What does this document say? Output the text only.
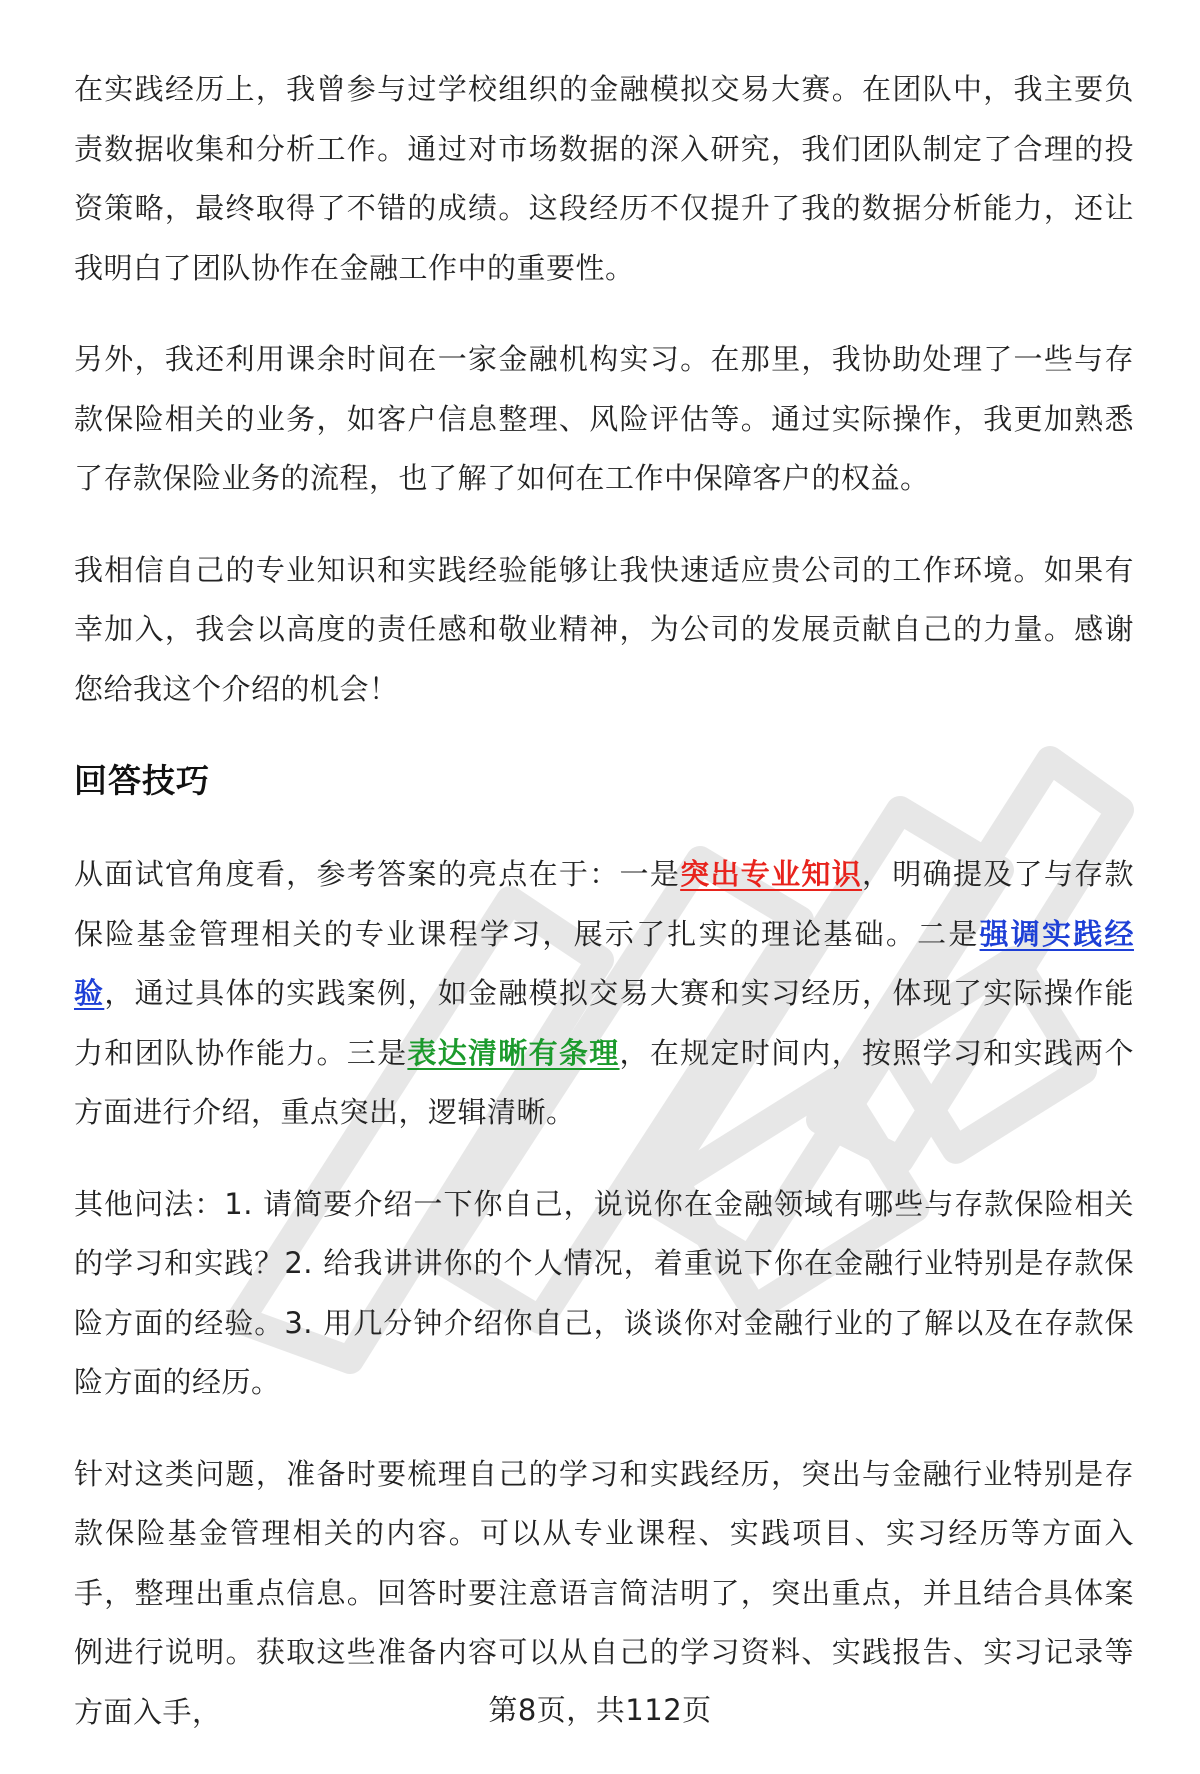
在实践经历上，我曾参与过学校组织的金融模拟交易大赛。在团队中，我主要负责数据收集和分析工作。通过对市场数据的深入研究，我们团队制定了合理的投资策略，最终取得了不错的成绩。这段经历不仅提升了我的数据分析能力，还让我明白了团队协作在金融工作中的重要性。

另外，我还利用课余时间在一家金融机构实习。在那里，我协助处理了一些与存款保险相关的业务，如客户信息整理、风险评估等。通过实际操作，我更加熟悉了存款保险业务的流程，也了解了如何在工作中保障客户的权益。

我相信自己的专业知识和实践经验能够让我快速适应贵公司的工作环境。如果有幸加入，我会以高度的责任感和敬业精神，为公司的发展贡献自己的力量。感谢您给我这个介绍的机会！

回答技巧

从面试官角度看，参考答案的亮点在于：一是突出专业知识，明确提及了与存款保险基金管理相关的专业课程学习，展示了扎实的理论基础。二是强调实践经验，通过具体的实践案例，如金融模拟交易大赛和实习经历，体现了实际操作能力和团队协作能力。三是表达清晰有条理，在规定时间内，按照学习和实践两个方面进行介绍，重点突出，逻辑清晰。

其他问法：1. 请简要介绍一下你自己，说说你在金融领域有哪些与存款保险相关的学习和实践？2. 给我讲讲你的个人情况，着重说下你在金融行业特别是存款保险方面的经验。3. 用几分钟介绍你自己，谈谈你对金融行业的了解以及在存款保险方面的经历。

针对这类问题，准备时要梳理自己的学习和实践经历，突出与金融行业特别是存款保险基金管理相关的内容。可以从专业课程、实践项目、实习经历等方面入手，整理出重点信息。回答时要注意语言简洁明了，突出重点，并且结合具体案例进行说明。获取这些准备内容可以从自己的学习资料、实践报告、实习记录等方面入手，	第8页，共112页
